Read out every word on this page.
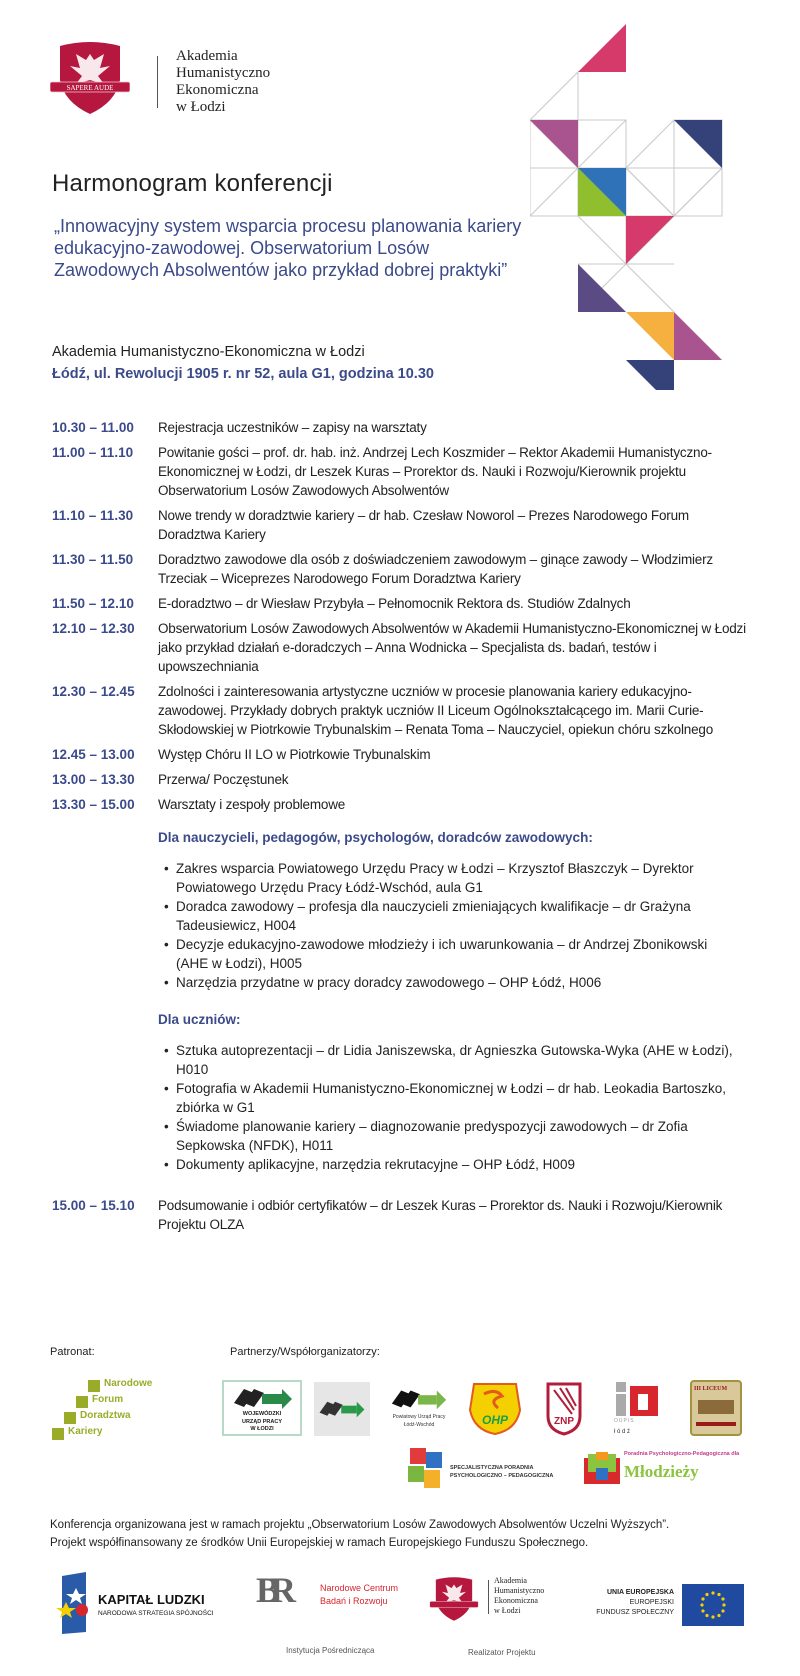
SAPERE AUDE
Akademia
Humanistyczno
Ekonomiczna
w Łodzi
Harmonogram konferencji
„Innowacyjny system wsparcia procesu planowania kariery edukacyjno-zawodowej. Obserwatorium Losów Zawodowych Absolwentów jako przykład dobrej praktyki”
Akademia Humanistyczno-Ekonomiczna w Łodzi
Łódź, ul. Rewolucji 1905 r. nr 52, aula G1, godzina 10.30
10.30 – 11.00	Rejestracja uczestników – zapisy na warsztaty
11.00 – 11.10	Powitanie gości – prof. dr. hab. inż. Andrzej Lech Koszmider – Rektor Akademii Humanistyczno-Ekonomicznej w Łodzi, dr Leszek Kuras – Prorektor ds. Nauki i Rozwoju/Kierownik projektu Obserwatorium Losów Zawodowych Absolwentów
11.10 – 11.30	Nowe trendy w doradztwie kariery – dr hab. Czesław Noworol – Prezes Narodowego Forum Doradztwa Kariery
11.30 – 11.50	Doradztwo zawodowe dla osób z doświadczeniem zawodowym – ginące zawody – Włodzimierz Trzeciak – Wiceprezes Narodowego Forum Doradztwa Kariery
11.50 – 12.10	E-doradztwo – dr Wiesław Przybyła – Pełnomocnik Rektora ds. Studiów Zdalnych
12.10 – 12.30	Obserwatorium Losów Zawodowych Absolwentów w Akademii Humanistyczno-Ekonomicznej w Łodzi jako przykład działań e-doradczych – Anna Wodnicka – Specjalista ds. badań, testów i upowszechniania
12.30 – 12.45	Zdolności i zainteresowania artystyczne uczniów w procesie planowania kariery edukacyjno-zawodowej. Przykłady dobrych praktyk uczniów II Liceum Ogólnokształcącego im. Marii Curie-Skłodowskiej w Piotrkowie Trybunalskim – Renata Toma – Nauczyciel, opiekun chóru szkolnego
12.45 – 13.00	Występ Chóru II LO w Piotrkowie Trybunalskim
13.00 – 13.30	Przerwa/ Poczęstunek
13.30 – 15.00	Warsztaty i zespoły problemowe
Dla nauczycieli, pedagogów, psychologów, doradców zawodowych:
• Zakres wsparcia Powiatowego Urzędu Pracy w Łodzi – Krzysztof Błaszczyk – Dyrektor Powiatowego Urzędu Pracy Łódź-Wschód, aula G1
• Doradca zawodowy – profesja dla nauczycieli zmieniających kwalifikacje – dr Grażyna Tadeusiewicz, H004
• Decyzje edukacyjno-zawodowe młodzieży i ich uwarunkowania – dr Andrzej Zbonikowski (AHE w Łodzi), H005
• Narzędzia przydatne w pracy doradcy zawodowego – OHP Łódź, H006
Dla uczniów:
• Sztuka autoprezentacji – dr Lidia Janiszewska, dr Agnieszka Gutowska-Wyka (AHE w Łodzi), H010
• Fotografia w Akademii Humanistyczno-Ekonomicznej w Łodzi – dr hab. Leokadia Bartoszko, zbiórka w G1
• Świadome planowanie kariery – diagnozowanie predyspozycji zawodowych – dr Zofia Sepkowska (NFDK), H011
• Dokumenty aplikacyjne, narzędzia rekrutacyjne – OHP Łódź, H009
15.00 – 15.10	Podsumowanie i odbiór certyfikatów – dr Leszek Kuras – Prorektor ds. Nauki i Rozwoju/Kierownik Projektu OLZA
Patronat:	Partnerzy/Współorganizatorzy:
Narodowe
Forum
Doradztwa
Kariery
WOJEWÓDZKI
URZĄD PRACY
W ŁODZI
Powiatowy Urząd Pracy
Łódź-Wschód	OHP	ZNP	OUPIS
ł ó d ź
III LICEUM
SPECJALISTYCZNA PORADNIA
PSYCHOLOGICZNO – PEDAGOGICZNA
Poradnia Psychologiczno-Pedagogiczna dla
Młodzieży
Konferencja organizowana jest w ramach projektu „Obserwatorium Losów Zawodowych Absolwentów Uczelni Wyższych”.
Projekt współfinansowany ze środków Unii Europejskiej w ramach Europejskiego Funduszu Społecznego.
KAPITAŁ LUDZKI
NARODOWA STRATEGIA SPÓJNOŚCI
BR	Narodowe Centrum
Badań i Rozwoju
Instytucja Pośrednicząca
Akademia
Humanistyczno
Ekonomiczna
w Łodzi
Realizator Projektu
UNIA EUROPEJSKA
EUROPEJSKI
FUNDUSZ SPOŁECZNY
